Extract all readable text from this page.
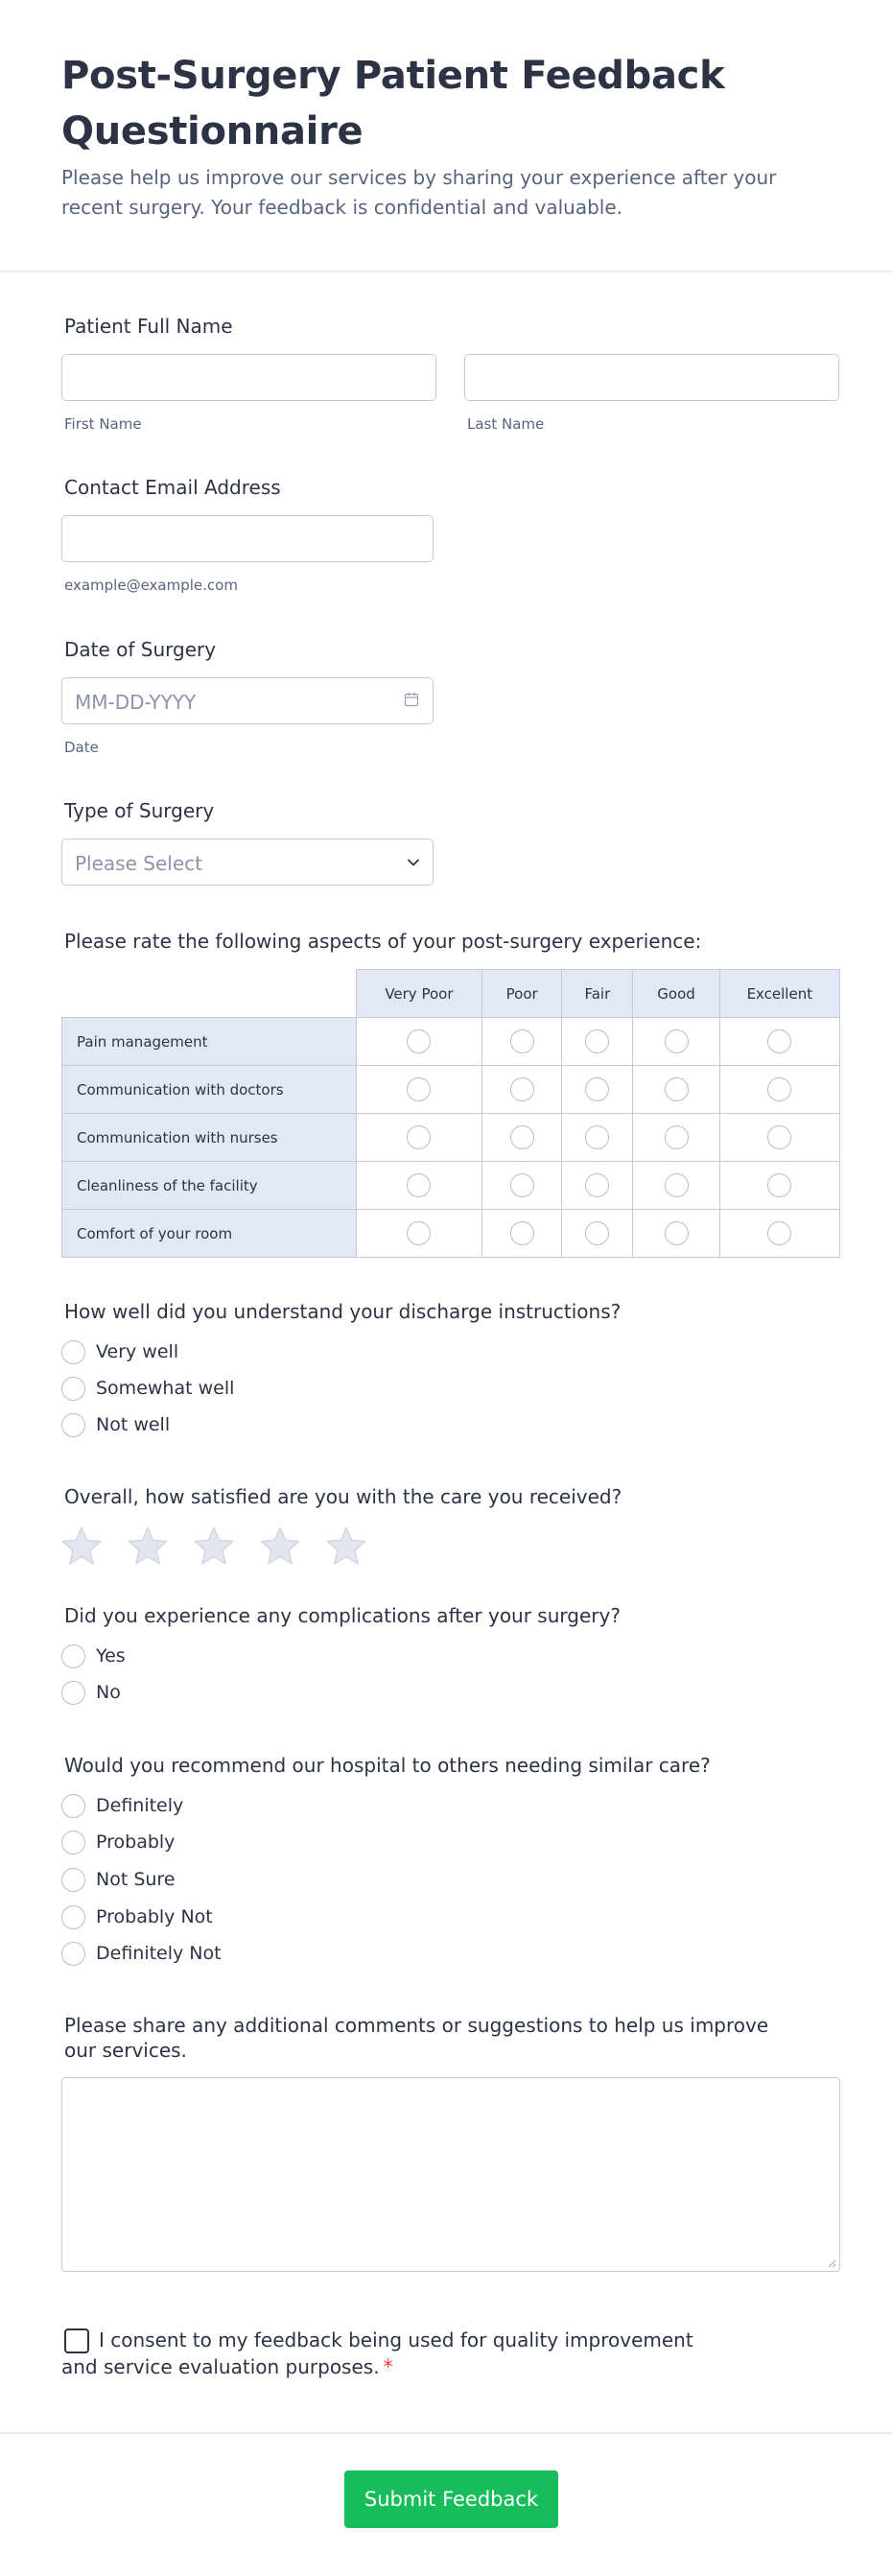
Post-Surgery Patient Feedback Questionnaire
Please help us improve our services by sharing your experience after your recent surgery. Your feedback is confidential and valuable.
Patient Full Name
First Name	Last Name
Contact Email Address
example@example.com
Date of Surgery
MM-DD-YYYY
Date
Type of Surgery
Please Select
Please rate the following aspects of your post-surgery experience:
	Very Poor	Poor	Fair	Good	Excellent
Pain management					
Communication with doctors					
Communication with nurses					
Cleanliness of the facility					
Comfort of your room					
How well did you understand your discharge instructions?
Very well
Somewhat well
Not well
Overall, how satisfied are you with the care you received?
Did you experience any complications after your surgery?
Yes
No
Would you recommend our hospital to others needing similar care?
Definitely
Probably
Not Sure
Probably Not
Definitely Not
Please share any additional comments or suggestions to help us improve our services.
I consent to my feedback being used for quality improvement and service evaluation purposes. *
Submit Feedback
